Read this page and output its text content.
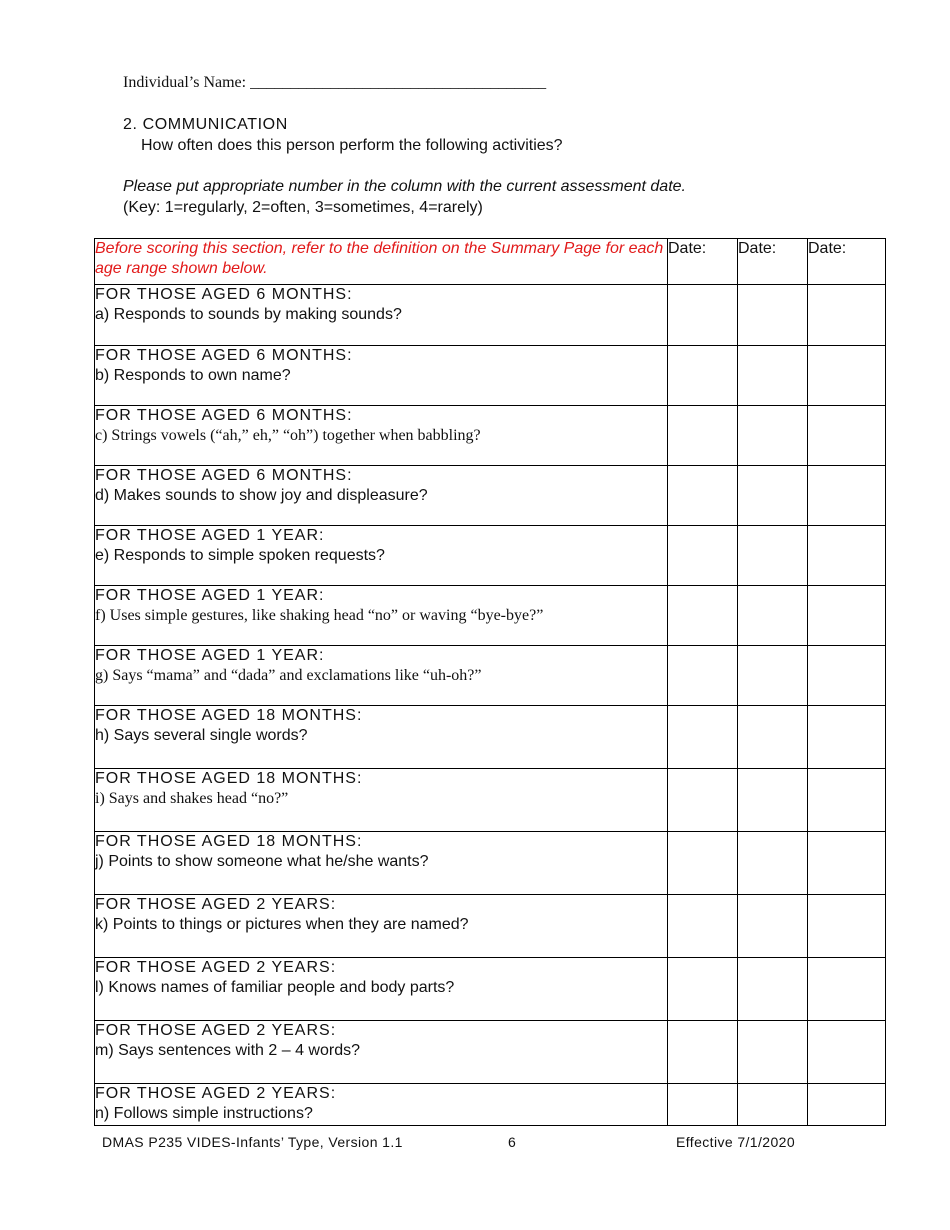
Individual’s Name: _____________________________________
2. COMMUNICATION
How often does this person perform the following activities?
Please put appropriate number in the column with the current assessment date.
(Key: 1=regularly, 2=often, 3=sometimes, 4=rarely)
Before scoring this section, refer to the definition on the Summary Page for each age range shown below.	Date:	Date:	Date:

FOR THOSE AGED 6 MONTHS:
a) Responds to sounds by making sounds?			

FOR THOSE AGED 6 MONTHS:
b) Responds to own name?			

FOR THOSE AGED 6 MONTHS:
c) Strings vowels (“ah,” eh,” “oh”) together when babbling?			

FOR THOSE AGED 6 MONTHS:
d) Makes sounds to show joy and displeasure?			

FOR THOSE AGED 1 YEAR:
e) Responds to simple spoken requests?			

FOR THOSE AGED 1 YEAR:
f) Uses simple gestures, like shaking head “no” or waving “bye-bye?”			

FOR THOSE AGED 1 YEAR:
g) Says “mama” and “dada” and exclamations like “uh-oh?”			

FOR THOSE AGED 18 MONTHS:
h) Says several single words?			

FOR THOSE AGED 18 MONTHS:
i) Says and shakes head “no?”			

FOR THOSE AGED 18 MONTHS:
j) Points to show someone what he/she wants?			

FOR THOSE AGED 2 YEARS:
k) Points to things or pictures when they are named?			

FOR THOSE AGED 2 YEARS:
l) Knows names of familiar people and body parts?			

FOR THOSE AGED 2 YEARS:
m) Says sentences with 2 – 4 words?			

FOR THOSE AGED 2 YEARS:
n) Follows simple instructions?			

DMAS P235 VIDES-Infants’ Type, Version 1.1	6	Effective 7/1/2020
